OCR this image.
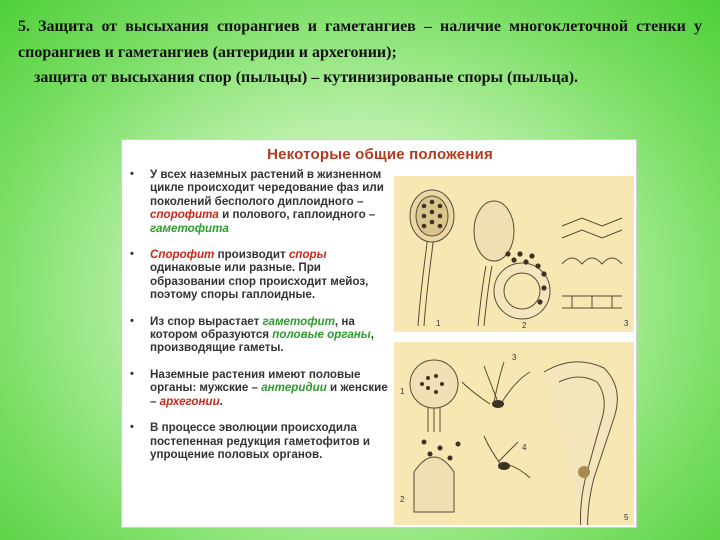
5. Защита от высыхания спорангиев и гаметангиев – наличие многоклеточной стенки у спорангиев и гаметангиев (антеридии и архегонии);

защита от высыхания спор (пыльцы) – кутинизированые споры (пыльца).

Некоторые общие положения
• У всех наземных растений в жизненном цикле происходит чередование фаз или поколений бесполого диплоидного – спорофита и полового, гаплоидного – гаметофита
• Спорофит производит споры одинаковые или разные. При образовании спор происходит мейоз, поэтому споры гаплоидные.
• Из спор вырастает гаметофит, на котором образуются половые органы, производящие гаметы.
• Наземные растения имеют половые органы: мужские – антеридии и женские – архегонии.
• В процессе эволюции происходила постепенная редукция гаметофитов и упрощение половых органов.
1	2	3
1
2
3
4
5
